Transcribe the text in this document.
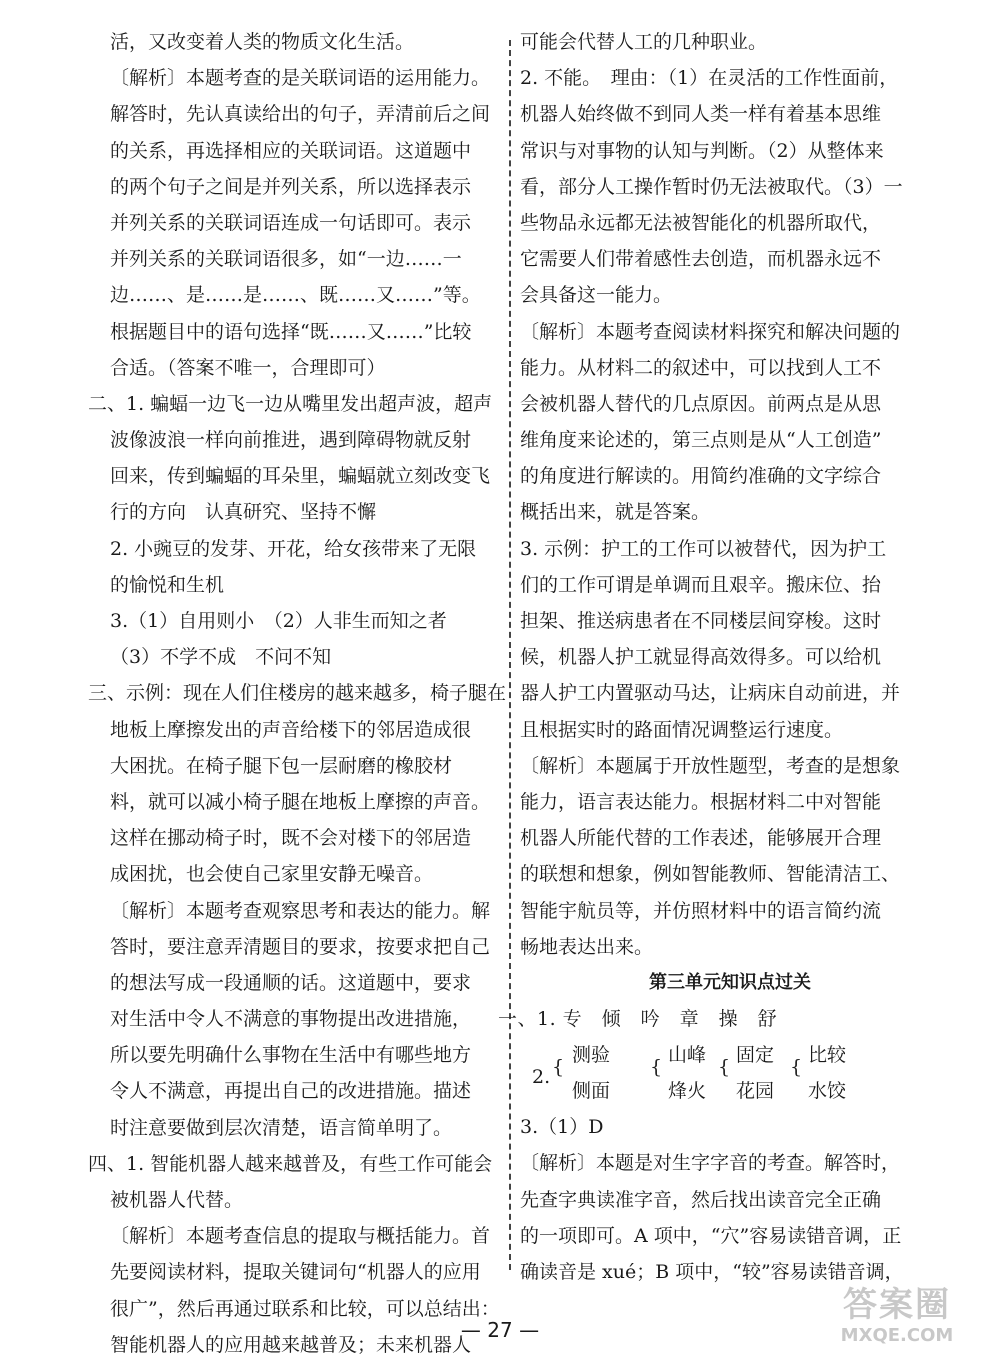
活，又改变着人类的物质文化生活。
〔解析〕本题考查的是关联词语的运用能力。
解答时，先认真读给出的句子，弄清前后之间
的关系，再选择相应的关联词语。这道题中
的两个句子之间是并列关系，所以选择表示
并列关系的关联词语连成一句话即可。表示
并列关系的关联词语很多，如“一边……一
边……、是……是……、既……又……”等。
根据题目中的语句选择“既……又……”比较
合适。（答案不唯一，合理即可）
二、1. 蝙蝠一边飞一边从嘴里发出超声波，超声
波像波浪一样向前推进，遇到障碍物就反射
回来，传到蝙蝠的耳朵里，蝙蝠就立刻改变飞
行的方向　认真研究、坚持不懈
2. 小豌豆的发芽、开花，给女孩带来了无限
的愉悦和生机
3.（1）自用则小　（2）人非生而知之者
（3）不学不成　不问不知
三、示例：现在人们住楼房的越来越多，椅子腿在
地板上摩擦发出的声音给楼下的邻居造成很
大困扰。在椅子腿下包一层耐磨的橡胶材
料，就可以减小椅子腿在地板上摩擦的声音。
这样在挪动椅子时，既不会对楼下的邻居造
成困扰，也会使自己家里安静无噪音。
〔解析〕本题考查观察思考和表达的能力。解
答时，要注意弄清题目的要求，按要求把自己
的想法写成一段通顺的话。这道题中，要求
对生活中令人不满意的事物提出改进措施，
所以要先明确什么事物在生活中有哪些地方
令人不满意，再提出自己的改进措施。描述
时注意要做到层次清楚，语言简单明了。
四、1. 智能机器人越来越普及，有些工作可能会
被机器人代替。
〔解析〕本题考查信息的提取与概括能力。首
先要阅读材料，提取关键词句“机器人的应用
很广”，然后再通过联系和比较，可以总结出：
智能机器人的应用越来越普及；未来机器人
可能会代替人工的几种职业。
2. 不能。　理由：（1）在灵活的工作性面前，
机器人始终做不到同人类一样有着基本思维
常识与对事物的认知与判断。（2）从整体来
看，部分人工操作暂时仍无法被取代。（3）一
些物品永远都无法被智能化的机器所取代，
它需要人们带着感性去创造，而机器永远不
会具备这一能力。
〔解析〕本题考查阅读材料探究和解决问题的
能力。从材料二的叙述中，可以找到人工不
会被机器人替代的几点原因。前两点是从思
维角度来论述的，第三点则是从“人工创造”
的角度进行解读的。用简约准确的文字综合
概括出来，就是答案。
3. 示例：护工的工作可以被替代，因为护工
们的工作可谓是单调而且艰辛。搬床位、抬
担架、推送病患者在不同楼层间穿梭。这时
候，机器人护工就显得高效得多。可以给机
器人护工内置驱动马达，让病床自动前进，并
且根据实时的路面情况调整运行速度。
〔解析〕本题属于开放性题型，考查的是想象
能力，语言表达能力。根据材料二中对智能
机器人所能代替的工作表述，能够展开合理
的联想和想象，例如智能教师、智能清洁工、
智能宇航员等，并仿照材料中的语言简约流
畅地表达出来。
第三单元知识点过关
一、1. 专　倾　吟　章　操　舒
2. {
测验
侧面
{
山峰
烽火
{
固定
花园
{
比较
水饺
3.（1）D
〔解析〕本题是对生字字音的考查。解答时，
先查字典读准字音，然后找出读音完全正确
的一项即可。A 项中，“穴”容易读错音调，正
确读音是 xué；B 项中，“较”容易读错音调，
— 27 —
答案圈
MXQE.COM
